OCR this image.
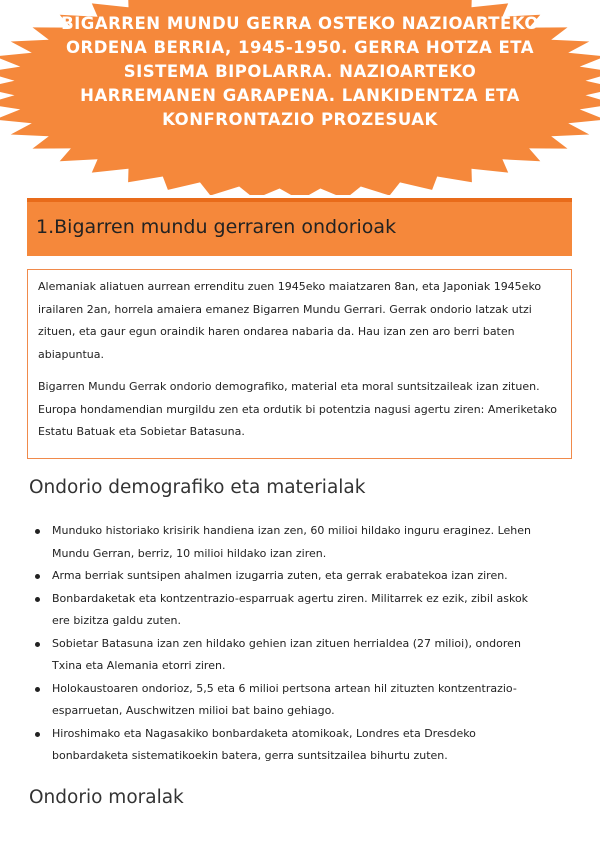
BIGARREN MUNDU GERRA OSTEKO NAZIOARTEKO ORDENA BERRIA, 1945-1950. GERRA HOTZA ETA SISTEMA BIPOLARRA. NAZIOARTEKO HARREMANEN GARAPENA. LANKIDENTZA ETA KONFRONTAZIO PROZESUAK
1.Bigarren mundu gerraren ondorioak

Alemaniak aliatuen aurrean errenditu zuen 1945eko maiatzaren 8an, eta Japoniak 1945eko irailaren 2an, horrela amaiera emanez Bigarren Mundu Gerrari. Gerrak ondorio latzak utzi zituen, eta gaur egun oraindik haren ondarea nabaria da. Hau izan zen aro berri baten abiapuntua.

Bigarren Mundu Gerrak ondorio demografiko, material eta moral suntsitzaileak izan zituen. Europa hondamendian murgildu zen eta ordutik bi potentzia nagusi agertu ziren: Ameriketako Estatu Batuak eta Sobietar Batasuna.

Ondorio demografiko eta materialak
Munduko historiako krisirik handiena izan zen, 60 milioi hildako inguru eraginez. Lehen Mundu Gerran, berriz, 10 milioi hildako izan ziren.
Arma berriak suntsipen ahalmen izugarria zuten, eta gerrak erabatekoa izan ziren.
Bonbardaketak eta kontzentrazio-esparruak agertu ziren. Militarrek ez ezik, zibil askok ere bizitza galdu zuten.
Sobietar Batasuna izan zen hildako gehien izan zituen herrialdea (27 milioi), ondoren Txina eta Alemania etorri ziren.
Holokaustoaren ondorioz, 5,5 eta 6 milioi pertsona artean hil zituzten kontzentrazio-esparruetan, Auschwitzen milioi bat baino gehiago.
Hiroshimako eta Nagasakiko bonbardaketa atomikoak, Londres eta Dresdeko bonbardaketa sistematikoekin batera, gerra suntsitzailea bihurtu zuten.
Ondorio moralak
